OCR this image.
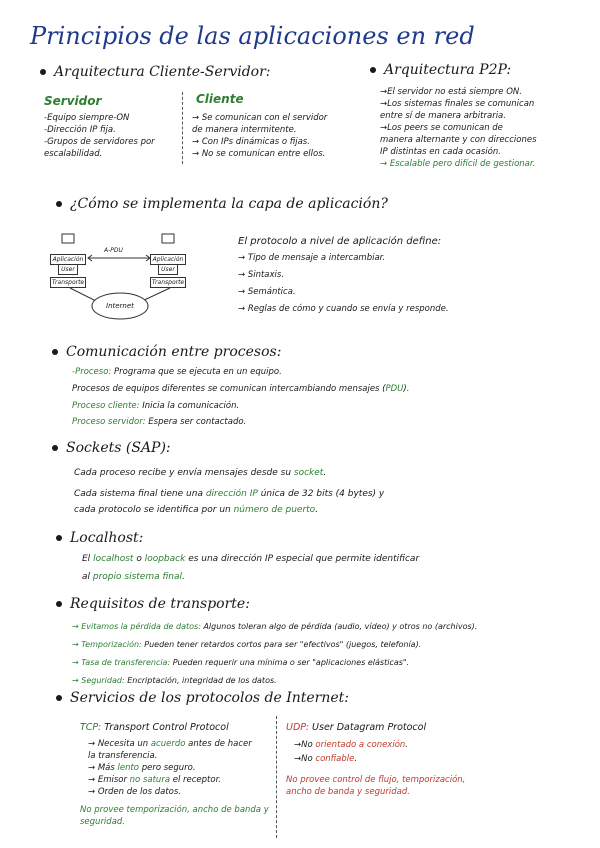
Principios de las aplicaciones en red
Arquitectura Cliente-Servidor:
Servidor
-Equipo siempre-ON
-Dirección IP fija.
-Grupos de servidores por
escalabilidad.
Cliente
→ Se comunican con el servidor
de manera intermitente.
→ Con IPs dinámicas o fijas.
→ No se comunican entre ellos.
Arquitectura P2P:
→El servidor no está siempre ON.
→Los sistemas finales se comunican
entre sí de manera arbitraria.
→Los peers se comunican de
manera alternante y con direcciones
IP distintas en cada ocasión.
→ Escalable pero difícil de gestionar.
¿Cómo se implementa la capa de aplicación?
A-PDU
Aplicación
User
Transporte
Aplicación
User
Transporte
Internet
El protocolo a nivel de aplicación define:
→ Tipo de mensaje a intercambiar.
→ Sintaxis.
→ Semántica.
→ Reglas de cómo y cuando se envía y responde.
Comunicación entre procesos:
-Proceso: Programa que se ejecuta en un equipo.
Procesos de equipos diferentes se comunican intercambiando mensajes (PDU).
Proceso cliente: Inicia la comunicación.
Proceso servidor: Espera ser contactado.
Sockets (SAP):
Cada proceso recibe y envía mensajes desde su socket.
Cada sistema final tiene una dirección IP única de 32 bits (4 bytes) y
cada protocolo se identifica por un número de puerto.
Localhost:
El localhost o loopback es una dirección IP especial que permite identificar
al propio sistema final.
Requisitos de transporte:
→ Evitamos la pérdida de datos: Algunos toleran algo de pérdida (audio, vídeo) y otros no (archivos).
→ Temporización: Pueden tener retardos cortos para ser "efectivos" (juegos, telefonía).
→ Tasa de transferencia: Pueden requerir una mínima o ser "aplicaciones elásticas".
→ Seguridad: Encriptación, integridad de los datos.
Servicios de los protocolos de Internet:
TCP: Transport Control Protocol
→ Necesita un acuerdo antes de hacer
la transferencia.
→ Más lento pero seguro.
→ Emisor no satura el receptor.
→ Orden de los datos.
No provee temporización, ancho de banda y
seguridad.
UDP: User Datagram Protocol
→No orientado a conexión.
→No confiable.
No provee control de flujo, temporización,
ancho de banda y seguridad.
